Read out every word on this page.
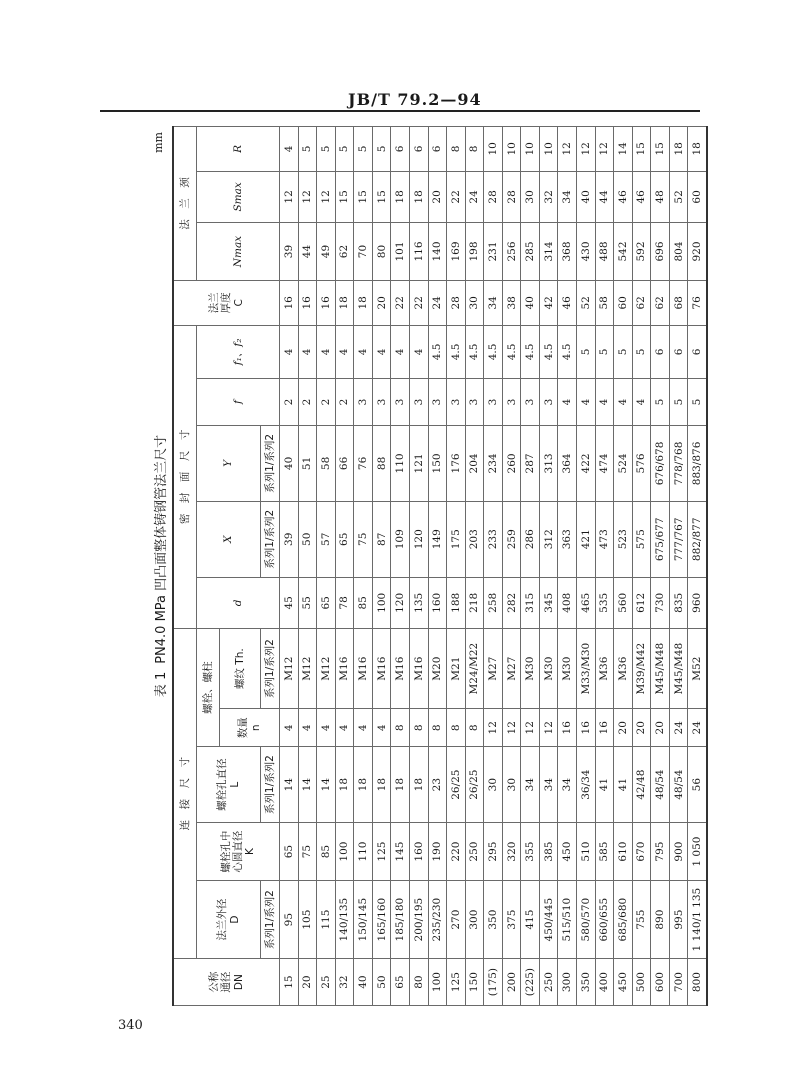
JB/T 79.2—94
表 1PN4.0 MPa 凹凸面整体铸钢管法兰尺寸
mm
公称
通径
DN	连　接　尺　寸					密　封　面　尺　寸					法兰
厚度
C	法　兰　颈		
	法兰外径
D	螺栓孔中
心圆直径
K	螺栓孔直径
L	螺栓、螺柱		d	X	Y	f	f₁、f₂		Nmax	Smax	R
				数量
n	螺纹 Th.									
	系列1/系列2		系列1/系列2		系列1/系列2		系列1/系列2	系列1/系列2						
15	95	65	14	4	M12	45	39	40	2	4	16	39	12	4
20	105	75	14	4	M12	55	50	51	2	4	16	44	12	5
25	115	85	14	4	M12	65	57	58	2	4	16	49	12	5
32	140/135	100	18	4	M16	78	65	66	2	4	18	62	15	5
40	150/145	110	18	4	M16	85	75	76	3	4	18	70	15	5
50	165/160	125	18	4	M16	100	87	88	3	4	20	80	15	5
65	185/180	145	18	8	M16	120	109	110	3	4	22	101	18	6
80	200/195	160	18	8	M16	135	120	121	3	4	22	116	18	6
100	235/230	190	23	8	M20	160	149	150	3	4.5	24	140	20	6
125	270	220	26/25	8	M21	188	175	176	3	4.5	28	169	22	8
150	300	250	26/25	8	M24/M22	218	203	204	3	4.5	30	198	24	8
(175)	350	295	30	12	M27	258	233	234	3	4.5	34	231	28	10
200	375	320	30	12	M27	282	259	260	3	4.5	38	256	28	10
(225)	415	355	34	12	M30	315	286	287	3	4.5	40	285	30	10
250	450/445	385	34	12	M30	345	312	313	3	4.5	42	314	32	10
300	515/510	450	34	16	M30	408	363	364	4	4.5	46	368	34	12
350	580/570	510	36/34	16	M33/M30	465	421	422	4	5	52	430	40	12
400	660/655	585	41	16	M36	535	473	474	4	5	58	488	44	12
450	685/680	610	41	20	M36	560	523	524	4	5	60	542	46	14
500	755	670	42/48	20	M39/M42	612	575	576	4	5	62	592	46	15
600	890	795	48/54	20	M45/M48	730	675/677	676/678	5	6	62	696	48	15
700	995	900	48/54	24	M45/M48	835	777/767	778/768	5	6	68	804	52	18
800	1 140/1 135	1 050	56	24	M52	960	882/877	883/876	5	6	76	920	60	18
340
